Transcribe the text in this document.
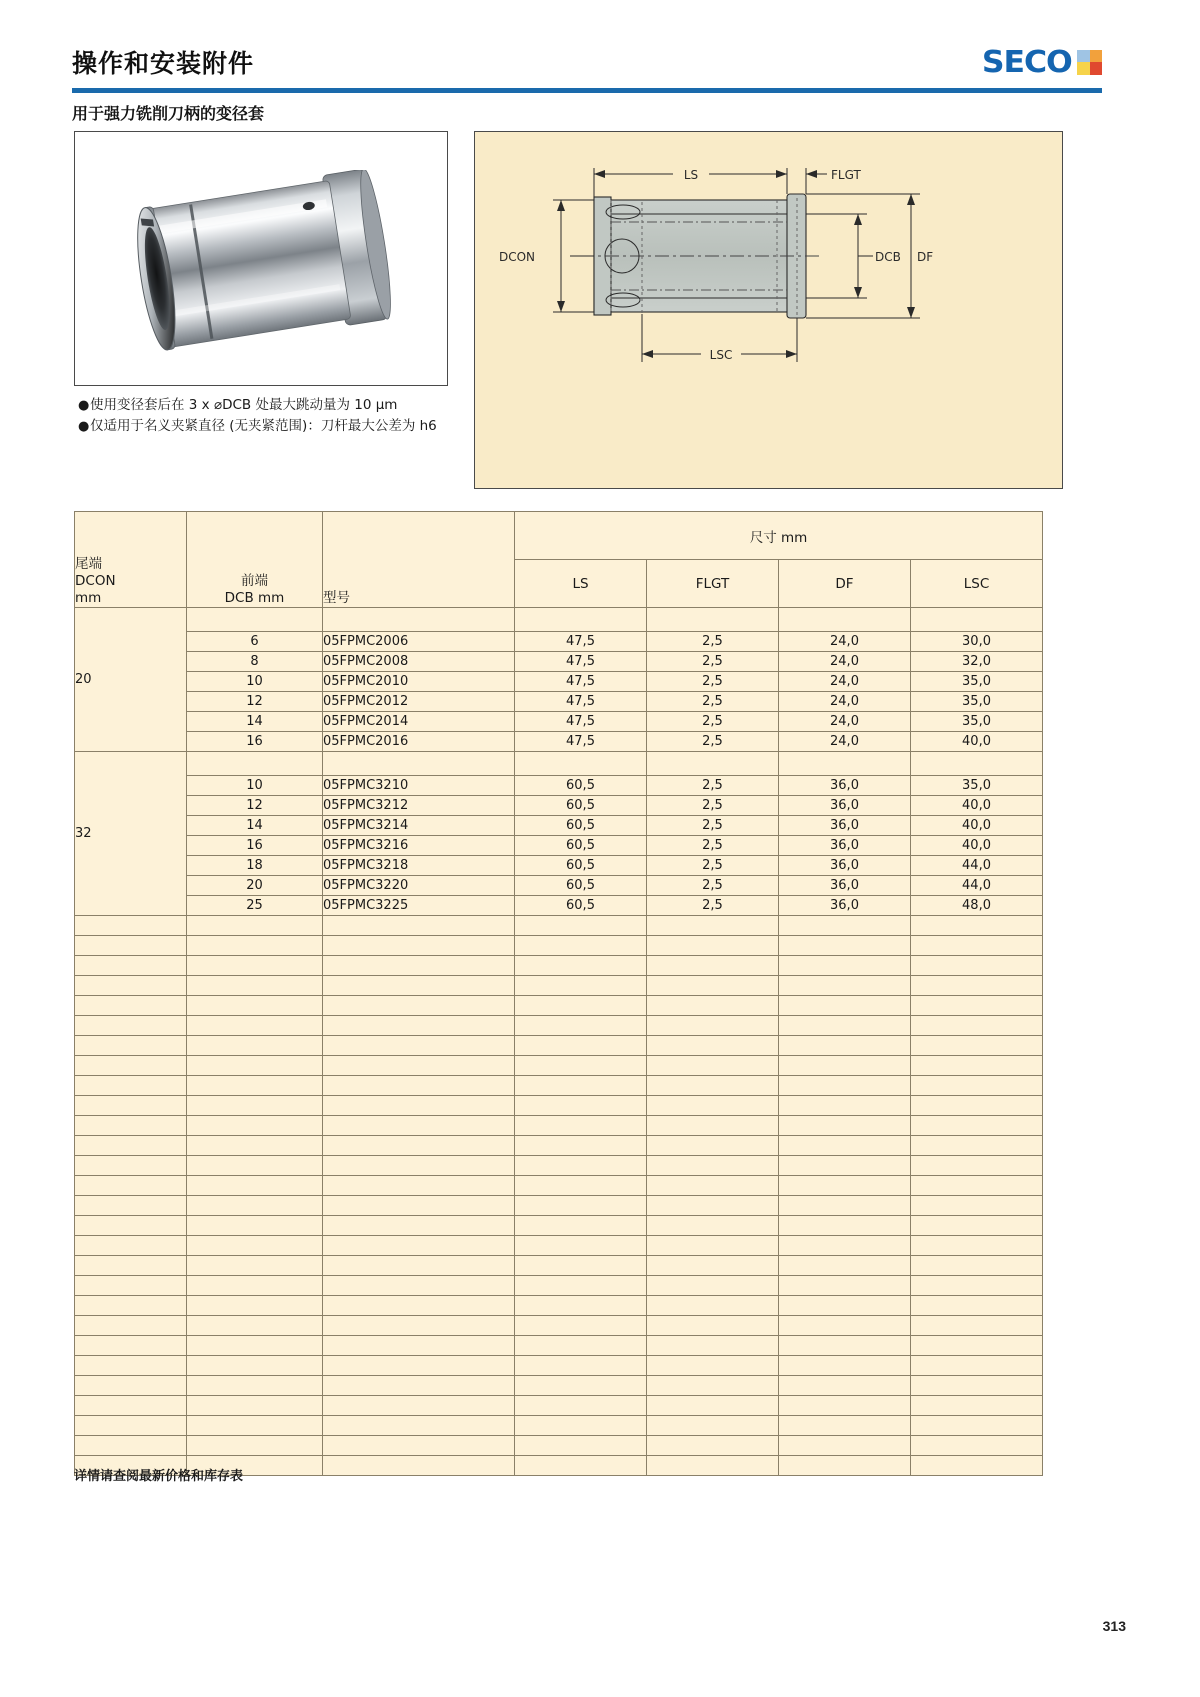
操作和安装附件	SECO
用于强力铣削刀柄的变径套
● 使用变径套后在 3 x ⌀DCB 处最大跳动量为 10 µm
● 仅适用于名义夹紧直径 (无夹紧范围)：刀杆最大公差为 h6
LS	FLGT
DCON	DCB DF
LSC
尾端
DCON
mm

前端
DCB mm	型号
	尺寸 mm
			LS	FLGT	DF	LSC
20						
	6	05FPMC2006	47,5	2,5	24,0	30,0
	8	05FPMC2008	47,5	2,5	24,0	32,0
	10	05FPMC2010	47,5	2,5	24,0	35,0
	12	05FPMC2012	47,5	2,5	24,0	35,0
	14	05FPMC2014	47,5	2,5	24,0	35,0
	16	05FPMC2016	47,5	2,5	24,0	40,0
32						
	10	05FPMC3210	60,5	2,5	36,0	35,0
	12	05FPMC3212	60,5	2,5	36,0	40,0
	14	05FPMC3214	60,5	2,5	36,0	40,0
	16	05FPMC3216	60,5	2,5	36,0	40,0
	18	05FPMC3218	60,5	2,5	36,0	44,0
	20	05FPMC3220	60,5	2,5	36,0	44,0
	25	05FPMC3225	60,5	2,5	36,0	48,0

详情请查阅最新价格和库存表
313
